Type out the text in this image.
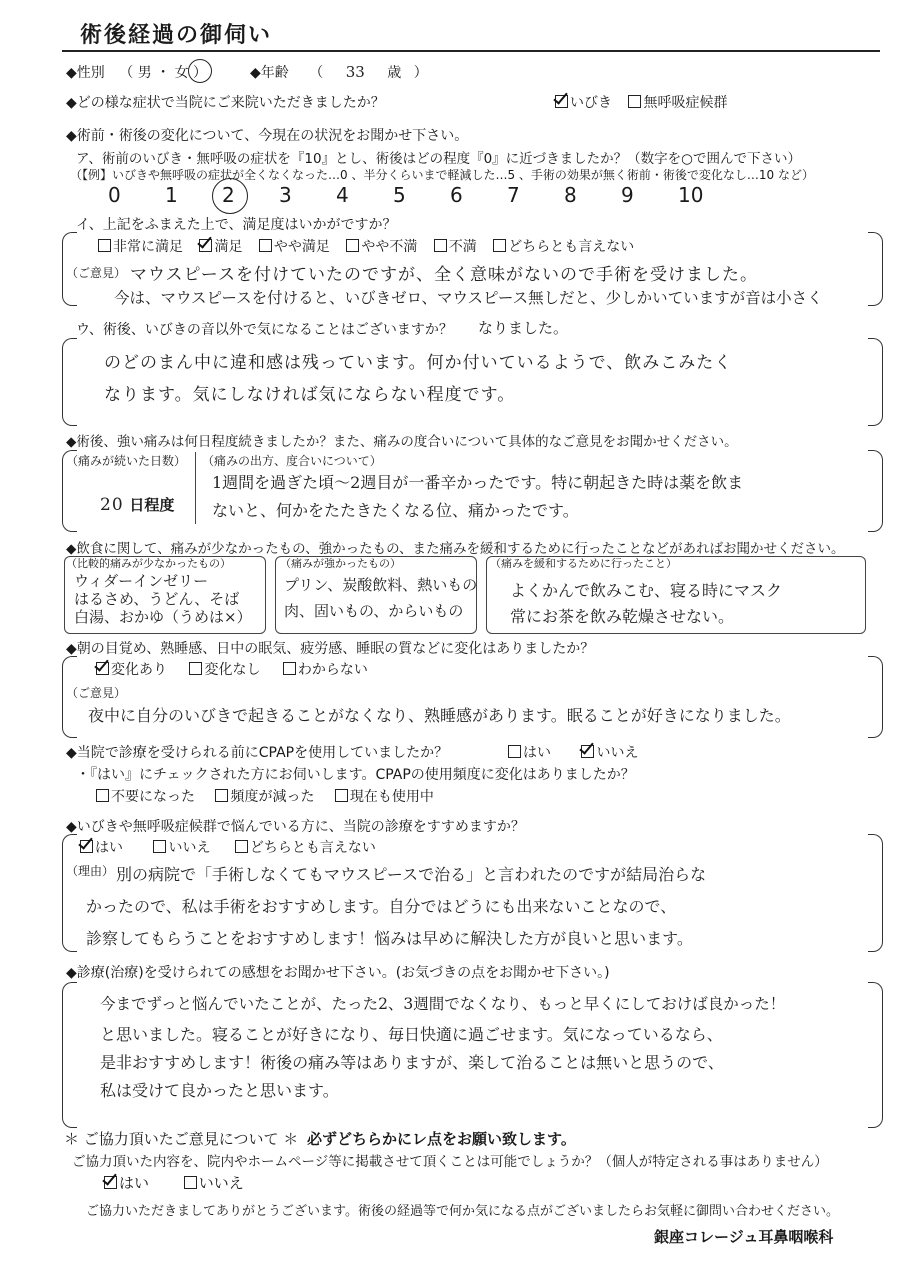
術後経過の御伺い
◆性別 （ 男 ・ 女 ）	◆年齢 （ 33 歳 ）
◆どの様な症状で当院にご来院いただきましたか？	いびき 無呼吸症候群
◆術前・術後の変化について、今現在の状況をお聞かせ下さい。
ア、術前のいびき・無呼吸の症状を『10』とし、術後はどの程度『0』に近づきましたか？（数字を○で囲んで下さい）
（【例】いびきや無呼吸の症状が全くなくなった…0 、半分くらいまで軽減した…5 、手術の効果が無く術前・術後で変化なし…10 など）
0 1 2 3 4 5 6 7 8 9 10
イ、上記をふまえた上で、満足度はいかがですか？
非常に満足 満足 やや満足 やや不満 不満 どちらとも言えない
（ご意見） マウスピースを付けていたのですが、全く意味がないので手術を受けました。
今は、マウスピースを付けると、いびきゼロ、マウスピース無しだと、少しかいていますが音は小さく
ウ、術後、いびきの音以外で気になることはございますか？ なりました。
のどのまん中に違和感は残っています。何か付いているようで、飲みこみたく
なります。気にしなければ気にならない程度です。
◆術後、強い痛みは何日程度続きましたか？また、痛みの度合いについて具体的なご意見をお聞かせください。
（痛みが続いた日数）
20 日程度
（痛みの出方、度合いについて）
1週間を過ぎた頃～2週目が一番辛かったです。特に朝起きた時は薬を飲ま
ないと、何かをたたきたくなる位、痛かったです。
◆飲食に関して、痛みが少なかったもの、強かったもの、また痛みを緩和するために行ったことなどがあればお聞かせください。
（比較的痛みが少なかったもの）
ウィダーインゼリー
はるさめ、うどん、そば
白湯、おかゆ（うめは×）
（痛みが強かったもの）
プリン、炭酸飲料、熱いもの
肉、固いもの、からいもの
（痛みを緩和するために行ったこと）
よくかんで飲みこむ、寝る時にマスク
常にお茶を飲み乾燥させない。
◆朝の目覚め、熟睡感、日中の眠気、疲労感、睡眠の質などに変化はありましたか？
変化あり	変化なし	わからない
（ご意見）
夜中に自分のいびきで起きることがなくなり、熟睡感があります。眠ることが好きになりました。
◆当院で診療を受けられる前にCPAPを使用していましたか？	はい	いいえ
・『はい』にチェックされた方にお伺いします。CPAPの使用頻度に変化はありましたか？
不要になった	頻度が減った	現在も使用中
◆いびきや無呼吸症候群で悩んでいる方に、当院の診療をすすめますか？
はい	いいえ	どちらとも言えない
（理由） 別の病院で「手術しなくてもマウスピースで治る」と言われたのですが結局治らな
かったので、私は手術をおすすめします。自分ではどうにも出来ないことなので、
診察してもらうことをおすすめします！悩みは早めに解決した方が良いと思います。
◆診療(治療)を受けられての感想をお聞かせ下さい。(お気づきの点をお聞かせ下さい。)
今までずっと悩んでいたことが、たった2、3週間でなくなり、もっと早くにしておけば良かった！
と思いました。寝ることが好きになり、毎日快適に過ごせます。気になっているなら、
是非おすすめします！術後の痛み等はありますが、楽して治ることは無いと思うので、
私は受けて良かったと思います。
＊ ご協力頂いたご意見について ＊ 必ずどちらかにレ点をお願い致します。
ご協力頂いた内容を、院内やホームページ等に掲載させて頂くことは可能でしょうか？（個人が特定される事はありません）
はい	いいえ
ご協力いただきましてありがとうございます。術後の経過等で何か気になる点がございましたらお気軽に御問い合わせください。
銀座コレージュ耳鼻咽喉科
